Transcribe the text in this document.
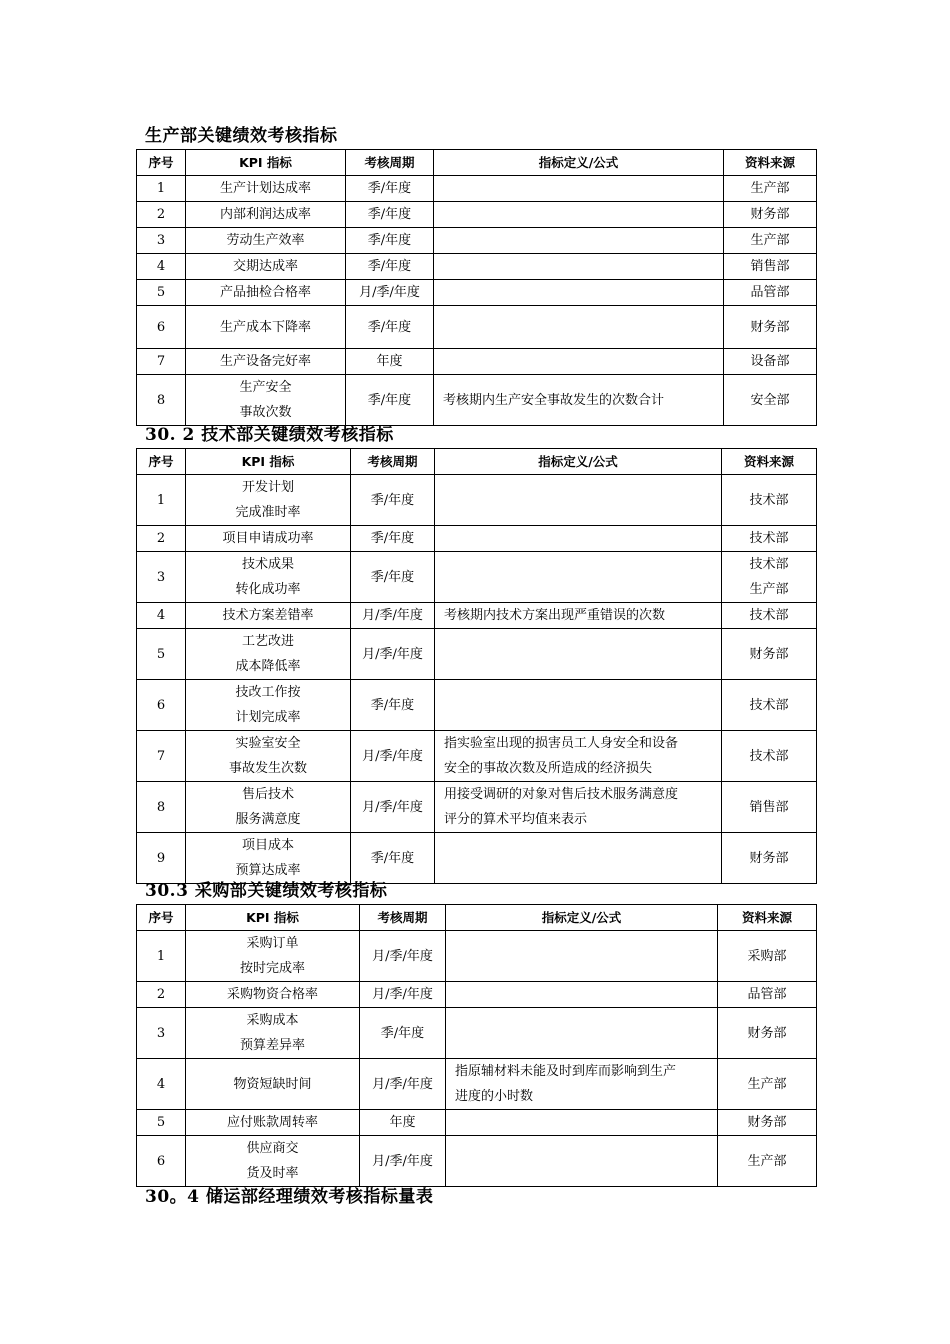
生产部关键绩效考核指标
序号	KPI 指标	考核周期	指标定义/公式	资料来源
1	生产计划达成率	季/年度		生产部

2	内部利润达成率	季/年度		财务部

3	劳动生产效率	季/年度		生产部

4	交期达成率	季/年度		销售部

5	产品抽检合格率	月/季/年度		品管部

6	生产成本下降率	季/年度		财务部

7	生产设备完好率	年度		设备部

8	生产安全
事故次数	季/年度	考核期内生产安全事故发生的次数合计	安全部
30. 2 技术部关键绩效考核指标
序号	KPI 指标	考核周期	指标定义/公式	资料来源
1	开发计划
完成准时率	季/年度		技术部

2	项目申请成功率	季/年度		技术部

3	技术成果
转化成功率	季/年度		技术部
生产部

4	技术方案差错率	月/季/年度	考核期内技术方案出现严重错误的次数	技术部

5	工艺改进
成本降低率	月/季/年度		财务部

6	技改工作按
计划完成率	季/年度		技术部

7	实验室安全
事故发生次数	月/季/年度	指实验室出现的损害员工人身安全和设备
安全的事故次数及所造成的经济损失	技术部

8	售后技术
服务满意度	月/季/年度	用接受调研的对象对售后技术服务满意度
评分的算术平均值来表示	销售部

9	项目成本
预算达成率	季/年度		财务部
30.3 采购部关键绩效考核指标
序号	KPI 指标	考核周期	指标定义/公式	资料来源
1	采购订单
按时完成率	月/季/年度		采购部

2	采购物资合格率	月/季/年度		品管部

3	采购成本
预算差异率	季/年度		财务部

4	物资短缺时间	月/季/年度	指原辅材料未能及时到库而影响到生产
进度的小时数	生产部

5	应付账款周转率	年度		财务部

6	供应商交
货及时率	月/季/年度		生产部
30。4 储运部经理绩效考核指标量表
